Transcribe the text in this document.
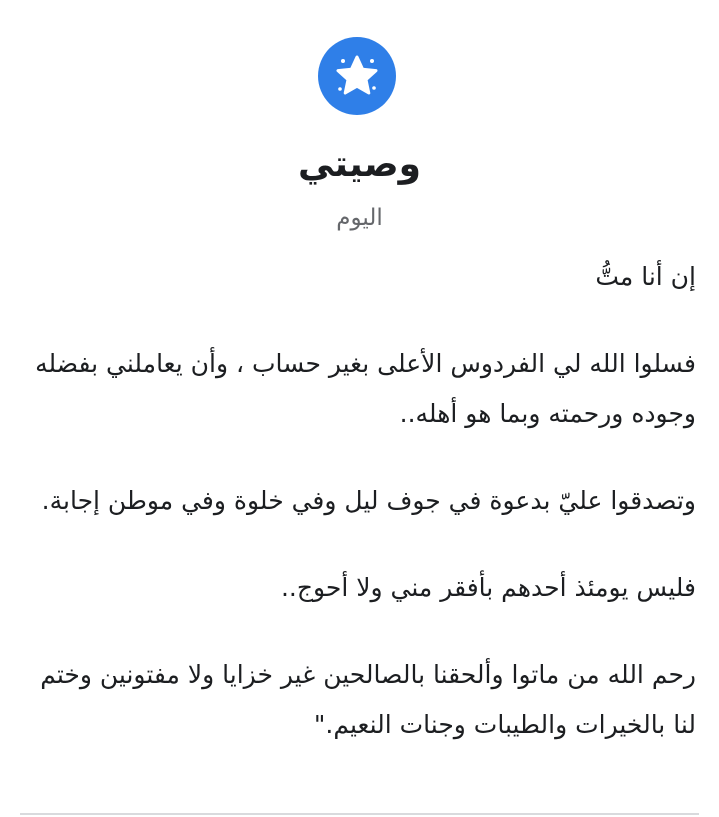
وصيتي
اليوم

إن أنا متُّ

فسلوا الله لي الفردوس الأعلى بغير حساب ، وأن يعاملني بفضله وجوده ورحمته وبما هو أهله..

وتصدقوا عليّ بدعوة في جوف ليل وفي خلوة وفي موطن إجابة.

فليس يومئذ أحدهم بأفقر مني ولا أحوج..

رحم الله من ماتوا وألحقنا بالصالحين غير خزايا ولا مفتونين وختم لنا بالخيرات والطيبات وجنات النعيم."
